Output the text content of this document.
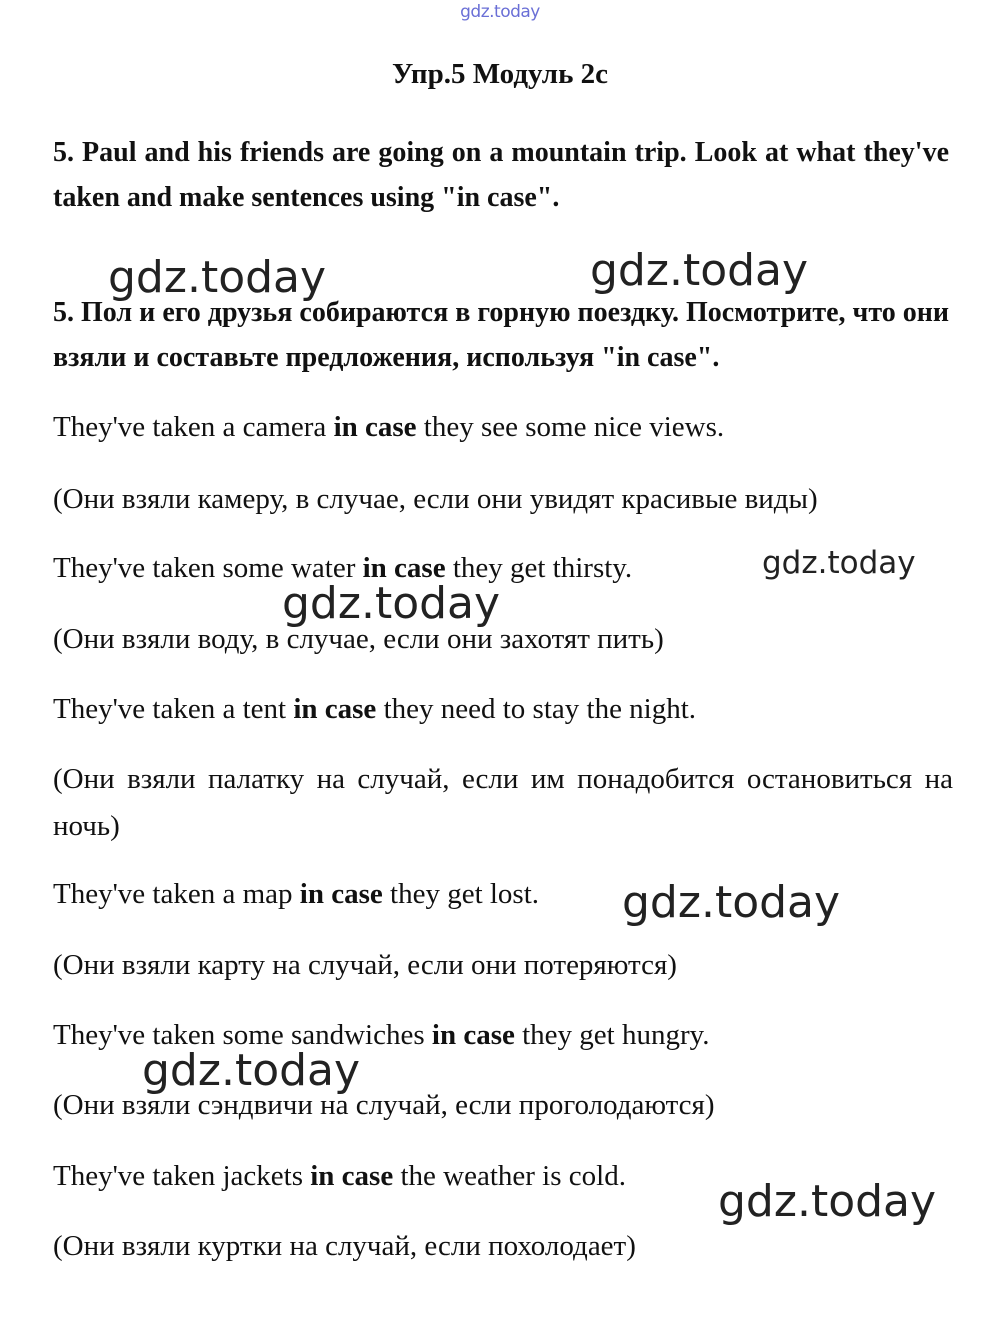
gdz.today
Упр.5 Модуль 2c

5. Paul and his friends are going on a mountain trip. Look at what they've taken and make sentences using "in case".

5. Пол и его друзья собираются в горную поездку. Посмотрите, что они взяли и составьте предложения, используя "in case".

They've taken a camera in case they see some nice views.

(Они взяли камеру, в случае, если они увидят красивые виды)

They've taken some water in case they get thirsty.

(Они взяли воду, в случае, если они захотят пить)

They've taken a tent in case they need to stay the night.

(Они взяли палатку на случай, если им понадобится остановиться на ночь)

They've taken a map in case they get lost.

(Они взяли карту на случай, если они потеряются)

They've taken some sandwiches in case they get hungry.

(Они взяли сэндвичи на случай, если проголодаются)

They've taken jackets in case the weather is cold.

(Они взяли куртки на случай, если похолодает)

gdz.today	gdz.today
gdz.today
gdz.today
gdz.today
gdz.today
gdz.today
